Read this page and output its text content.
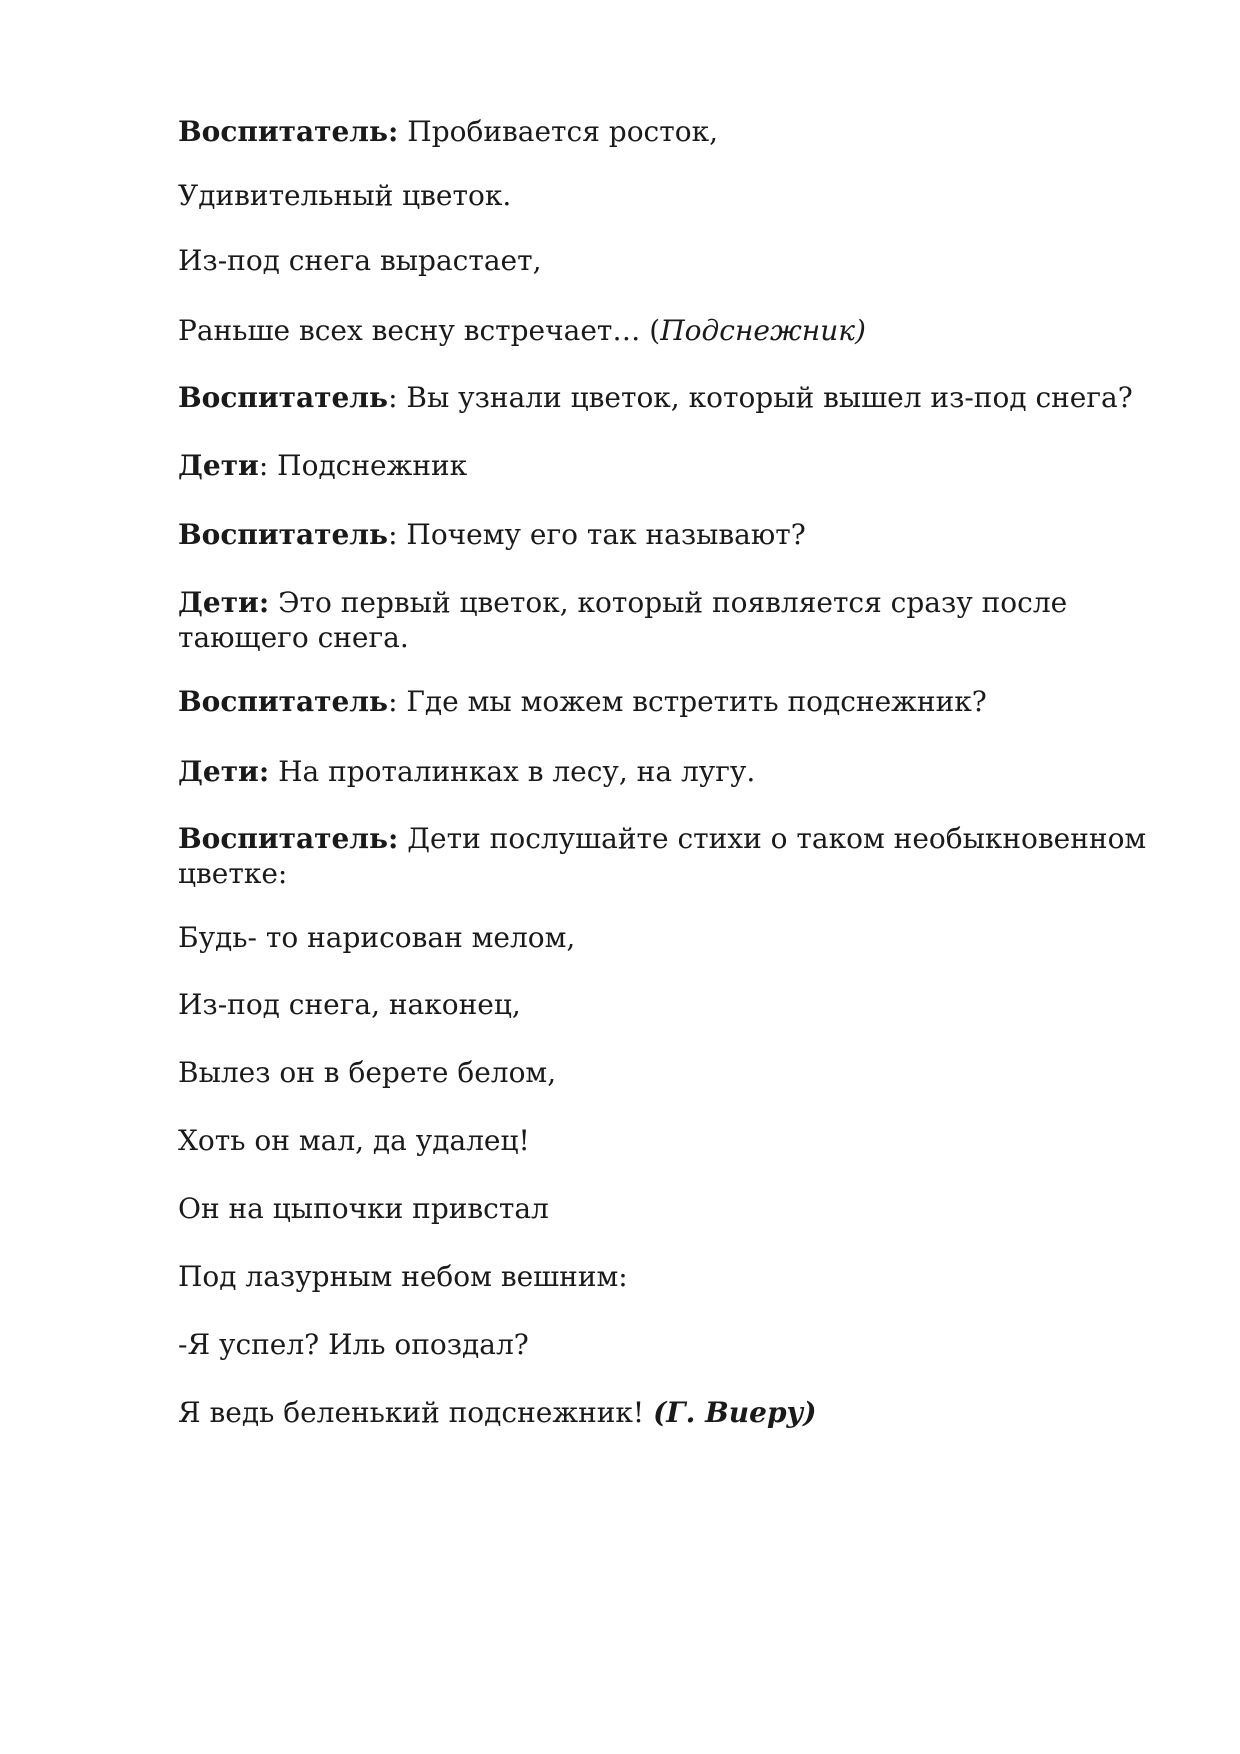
Воспитатель: Пробивается росток,

Удивительный цветок.

Из-под снега вырастает,

Раньше всех весну встречает… (Подснежник)

Воспитатель: Вы узнали цветок, который вышел из-под снега?

Дети: Подснежник

Воспитатель: Почему его так называют?

Дети: Это первый цветок, который появляется сразу после тающего снега.

Воспитатель: Где мы можем встретить подснежник?

Дети: На проталинках в лесу, на лугу.

Воспитатель: Дети послушайте стихи о таком необыкновенном цветке:

Будь- то нарисован мелом,

Из-под снега, наконец,

Вылез он в берете белом,

Хоть он мал, да удалец!

Он на цыпочки привстал

Под лазурным небом вешним:

-Я успел? Иль опоздал?

Я ведь беленький подснежник! (Г. Виеру)
